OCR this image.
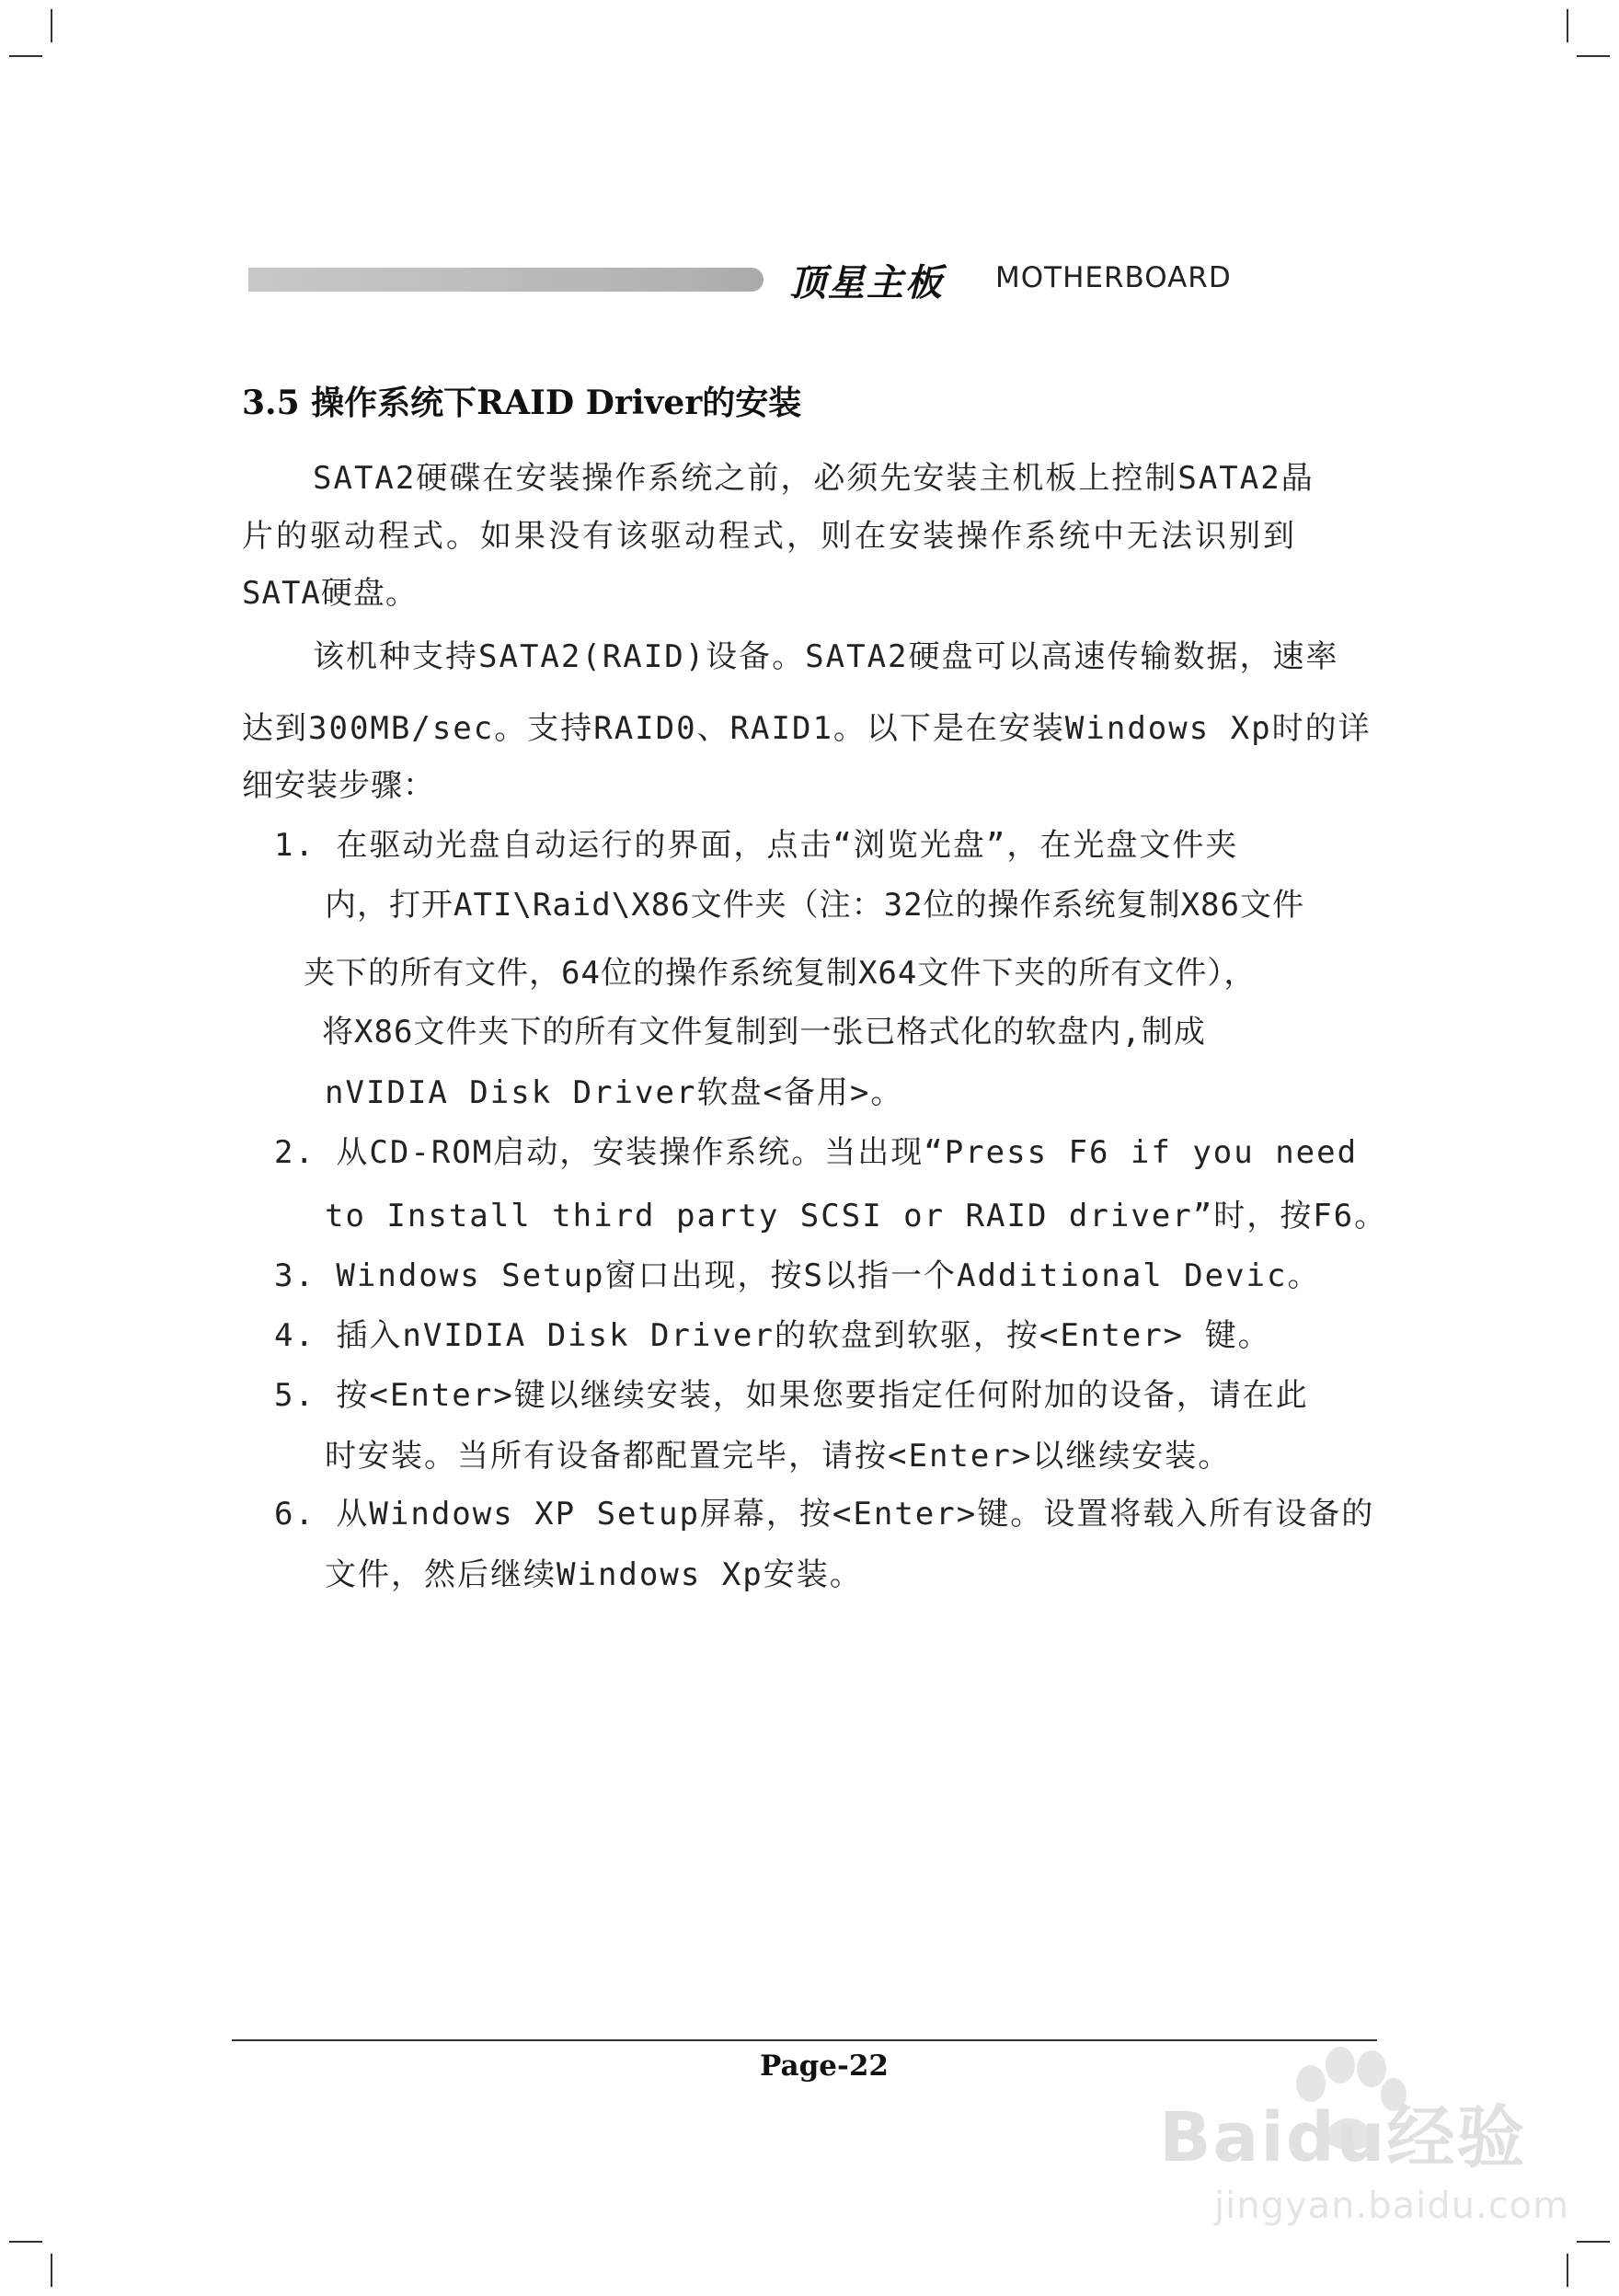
顶星主板 MOTHERBOARD
3.5 操作系统下RAID Driver的安装
SATA2硬碟在安装操作系统之前，必须先安装主机板上控制SATA2晶
片的驱动程式。如果没有该驱动程式，则在安装操作系统中无法识别到
SATA硬盘。
该机种支持SATA2(RAID)设备。SATA2硬盘可以高速传输数据，速率
达到300MB/sec。支持RAID0、RAID1。以下是在安装Windows Xp时的详
细安装步骤：
1. 在驱动光盘自动运行的界面，点击“浏览光盘”，在光盘文件夹
内，打开ATI\Raid\X86文件夹（注：32位的操作系统复制X86文件
夹下的所有文件，64位的操作系统复制X64文件下夹的所有文件），
将X86文件夹下的所有文件复制到一张已格式化的软盘内,制成
nVIDIA Disk Driver软盘<备用>。
2. 从CD-ROM启动，安装操作系统。当出现“Press F6 if you need
to Install third party SCSI or RAID driver”时，按F6。
3. Windows Setup窗口出现，按S以指一个Additional Devic。
4. 插入nVIDIA Disk Driver的软盘到软驱，按<Enter> 键。
5. 按<Enter>键以继续安装，如果您要指定任何附加的设备，请在此
时安装。当所有设备都配置完毕，请按<Enter>以继续安装。
6. 从Windows XP Setup屏幕，按<Enter>键。设置将载入所有设备的
文件，然后继续Windows Xp安装。
Page-22
Baidu经验
jingyan.baidu.com
